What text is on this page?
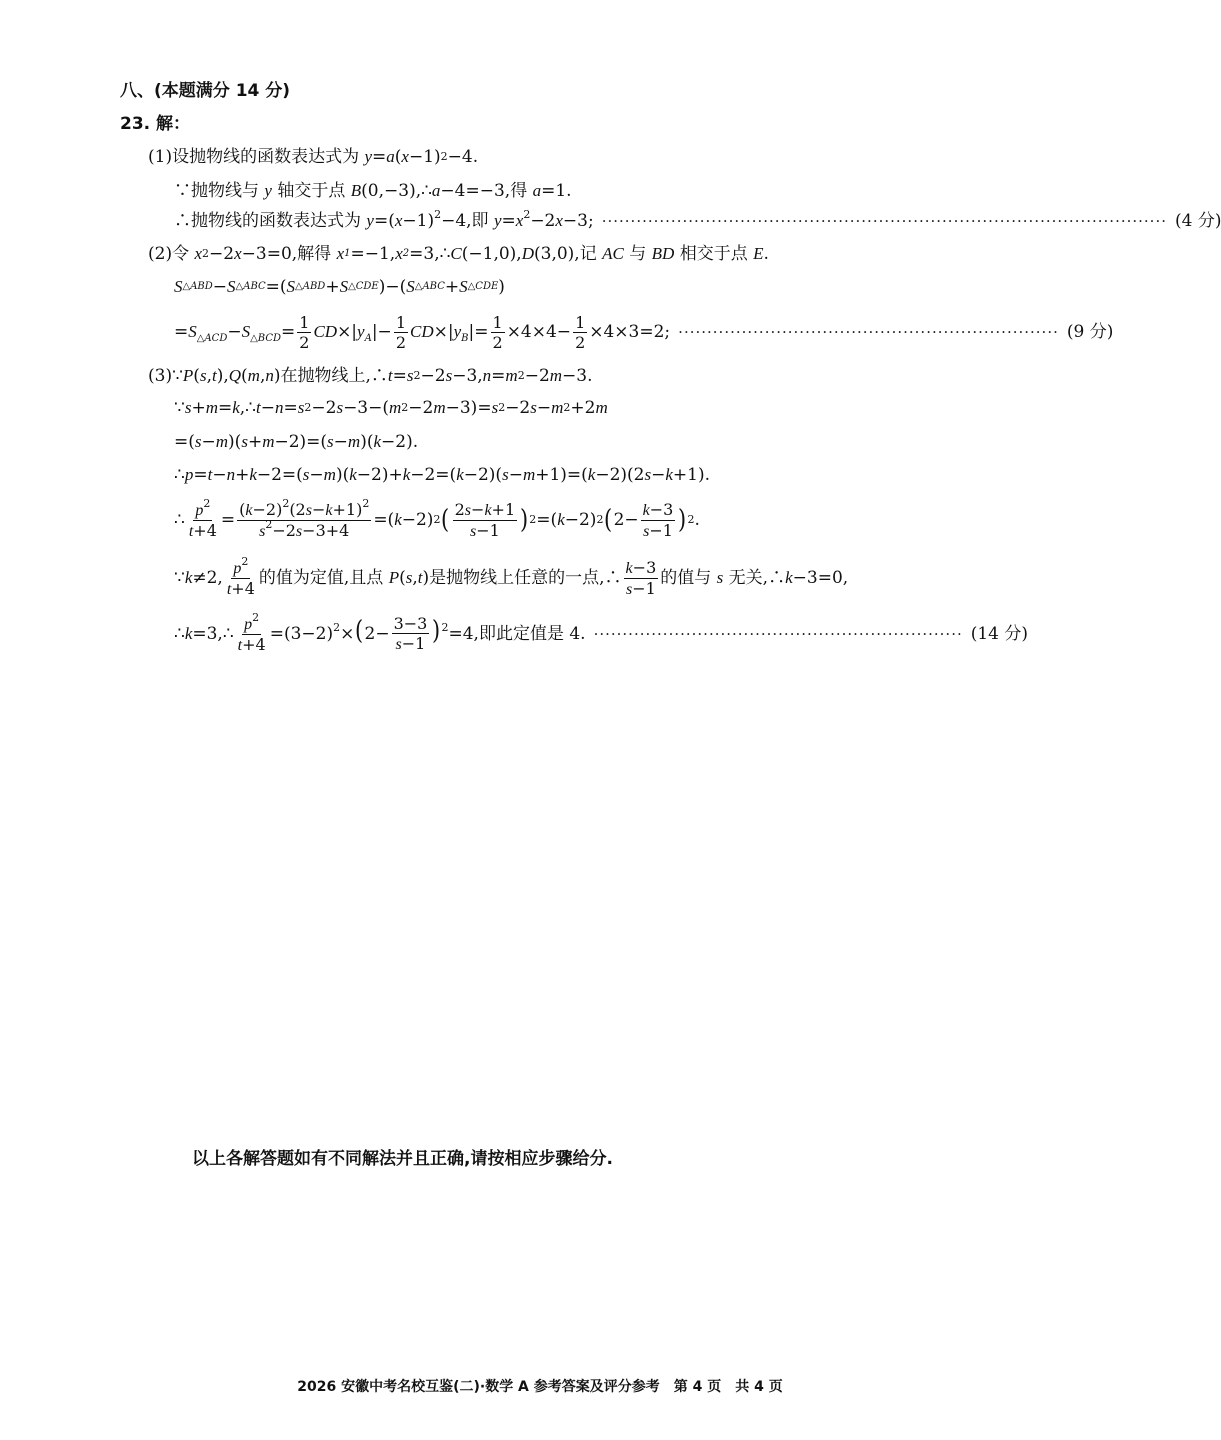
八、(本题满分 14 分)
23. 解：
(1)设抛物线的函数表达式为 y = a ( x −1) 2 −4.
∵抛物线与 y 轴交于点 B (0,−3),∴ a −4=−3,得 a =1.
∴抛物线的函数表达式为 $y=(x-1)^2-4$,即 $y=x^2-2x-3$; ·································································································· (4 分)
(2)令 x 2 −2 x −3=0,解得 x 1 =−1, x 2 =3,∴ C (−1,0), D (3,0),记 AC 与 BD 相交于点 E .
S △ABD − S △ABC =( S △ABD + S △CDE )−( S △ABC + S △CDE )
$=S_{\triangle ACD}-S_{\triangle BCD}= \frac{1}{2} CD\times|y_A|- \frac{1}{2} CD\times|y_B|= \frac{1}{2} \times 4\times 4- \frac{1}{2} \times 4\times 3=2$; ·································································· (9 分)
(3)∵ P ( s , t ), Q ( m , n )在抛物线上,∴ t = s 2 −2 s −3, n = m 2 −2 m −3.
∵ s + m = k ,∴ t − n = s 2 −2 s −3−( m 2 −2 m −3)= s 2 −2 s − m 2 +2 m
=( s − m )( s + m −2)=( s − m )( k −2).
∴ p = t − n + k −2=( s − m )( k −2)+ k −2=( k −2)( s − m +1)=( k −2)(2 s − k +1).
∴ $\frac{p^2}{t+4} = \frac{(k-2)^2(2s-k+1)^2}{s^2-2s-3+4}$ =( k −2) 2 ( $\frac{2s-k+1}{s-1}$ ) 2 =( k −2) 2 ( $2- \frac{k-3}{s-1}$ ) 2 .
∵ k ≠2, $\frac{p^2}{t+4}$ 的值为定值,且点 P ( s , t )是抛物线上任意的一点,∴ $\frac{k-3}{s-1}$ 的值与 s 无关,∴ k −3=0,
∴k=3,∴ $\frac{p^2}{t+4} =(3-2)^2\times(2- \frac{3-3}{s-1} )^2=4$,即此定值是 4. ································································ (14 分)
以上各解答题如有不同解法并且正确,请按相应步骤给分.
2026 安徽中考名校互鉴(二)·数学 A 参考答案及评分参考　第 4 页　共 4 页
